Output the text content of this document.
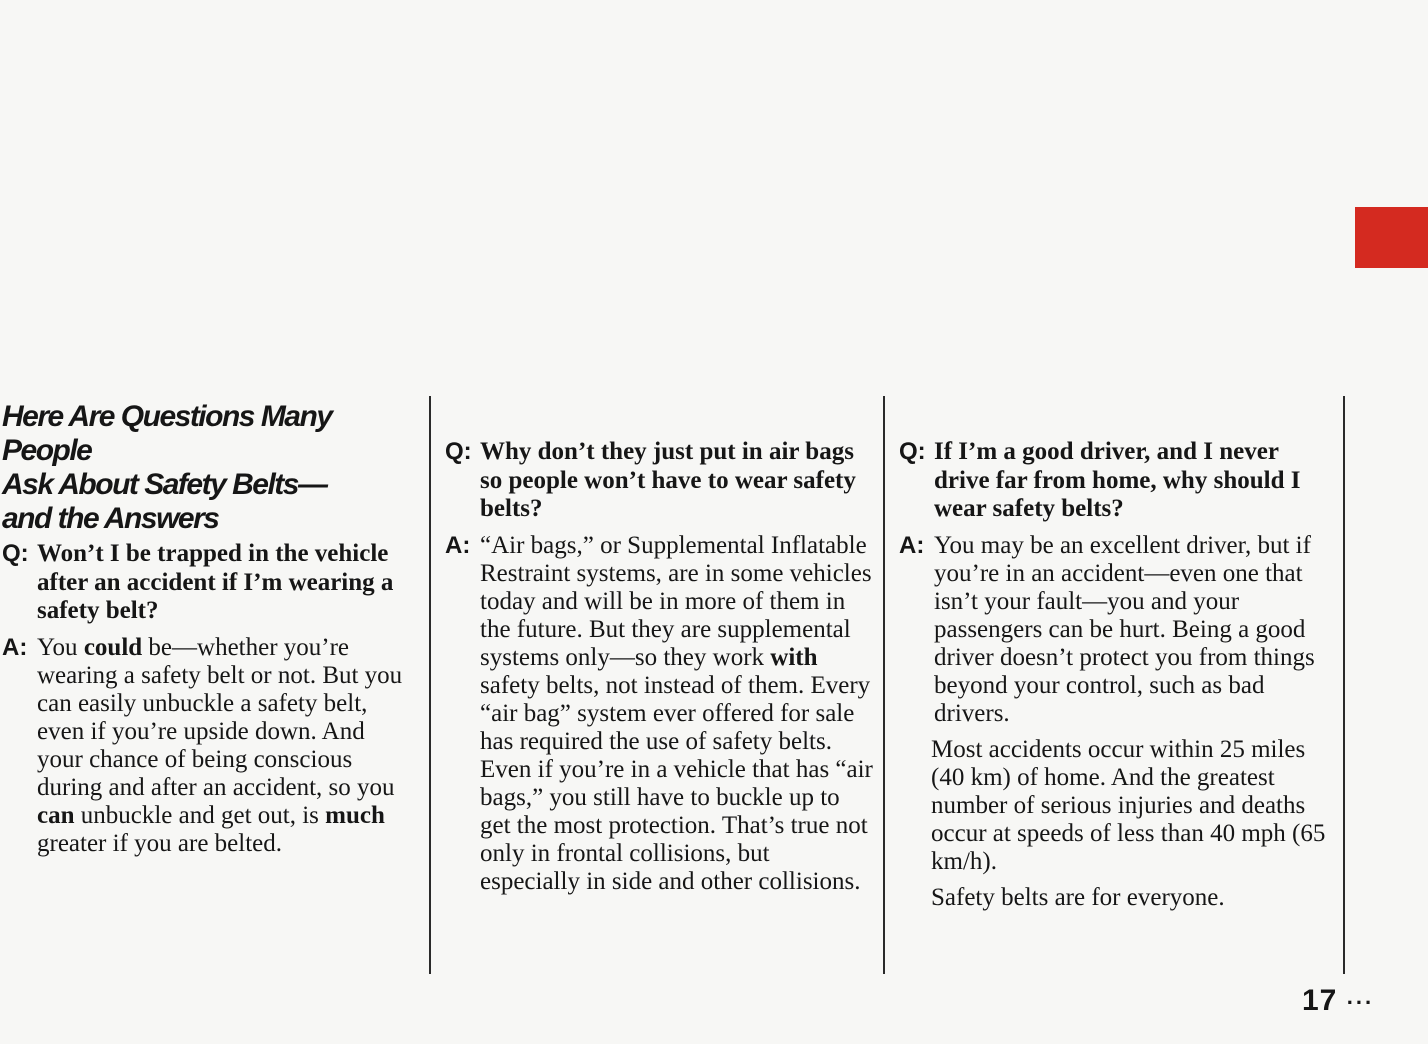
Here Are Questions Many People
Ask About Safety Belts—
and the Answers
Q: Won’t I be trapped in the vehicle after an accident if I’m wearing a safety belt?
A: You could be—whether you’re wearing a safety belt or not. But you can easily unbuckle a safety belt, even if you’re upside down. And your chance of being conscious during and after an accident, so you can unbuckle and get out, is much greater if you are belted.
Q: Why don’t they just put in air bags so people won’t have to wear safety belts?
A: “Air bags,” or Supplemental Inflatable Restraint systems, are in some vehicles today and will be in more of them in the future. But they are supplemental systems only—so they work with safety belts, not instead of them. Every “air bag” system ever offered for sale has required the use of safety belts. Even if you’re in a vehicle that has “air bags,” you still have to buckle up to get the most protection. That’s true not only in frontal collisions, but especially in side and other collisions.
Q: If I’m a good driver, and I never drive far from home, why should I wear safety belts?
A: You may be an excellent driver, but if you’re in an accident—even one that isn’t your fault—you and your passengers can be hurt. Being a good driver doesn’t protect you from things beyond your control, such as bad drivers.

Most accidents occur within 25 miles (40 km) of home. And the greatest number of serious injuries and deaths occur at speeds of less than 40 mph (65 km/h).

Safety belts are for everyone.

17 ...
